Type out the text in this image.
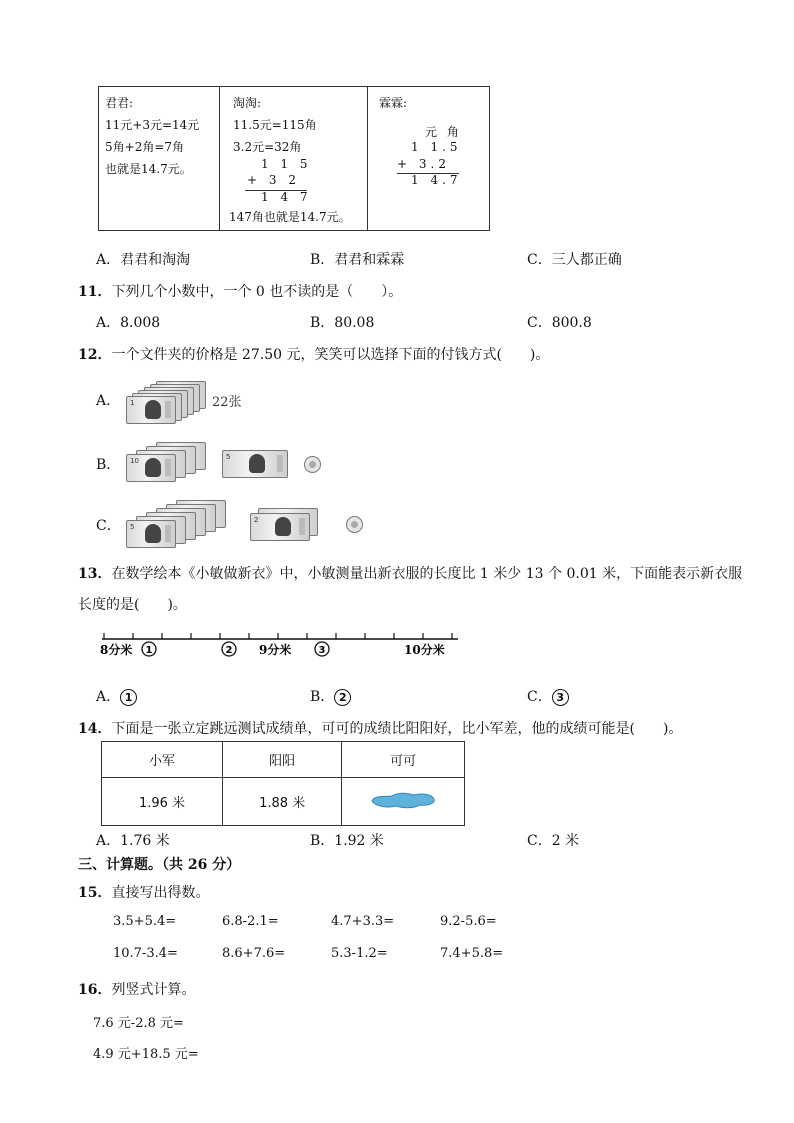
君君:
11元+3元=14元
5角+2角=7角
也就是14.7元。
淘淘:
11.5元=115角
3.2元=32角
1 1 5
+ 3 2
1 4 7
147角也就是14.7元。
霖霖:
元 角
1 1.5
+ 3.2
1 4.7
A．君君和淘淘	B．君君和霖霖	C．三人都正确
11．下列几个小数中，一个 0 也不读的是（　　）。
A．8.008	B．80.08	C．800.8
12．一个文件夹的价格是 27.50 元，笑笑可以选择下面的付钱方式(　　)。
A． 1	22张
B． 10	5
C． 5
2
13．在数学绘本《小敏做新衣》中，小敏测量出新衣服的长度比 1 米少 13 个 0.01 米，下面能表示新衣服
长度的是(　　)。
8分米 1	2 9分米	3	10分米
A． 1	B． 2	C． 3
14．下面是一张立定跳远测试成绩单，可可的成绩比阳阳好，比小军差，他的成绩可能是(　　)。
小军	阳阳	可可
1.96 米	1.88 米	
A．1.76 米	B．1.92 米	C．2 米
三、计算题。（共 26 分）
15．直接写出得数。
3.5+5.4=	6.8-2.1=	4.7+3.3=	9.2-5.6=
10.7-3.4=	8.6+7.6=	5.3-1.2=	7.4+5.8=
16．列竖式计算。
7.6 元-2.8 元=
4.9 元+18.5 元=
